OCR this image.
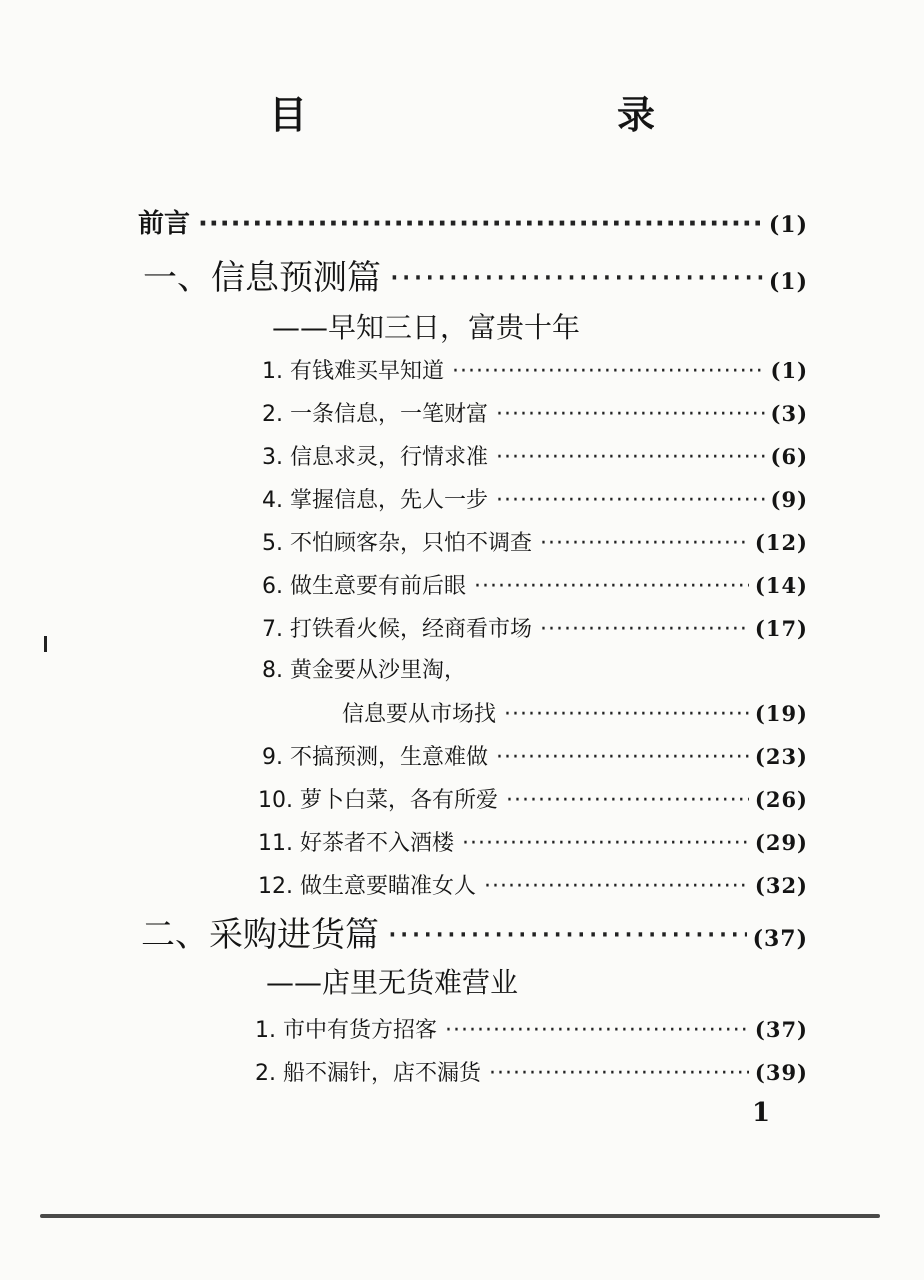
目　　录
前言 ·····	(1)
一、信息预测篇 ·····	(1)
——早知三日，富贵十年
1. 有钱难买早知道 ·····	(1)
2. 一条信息，一笔财富 ·····	(3)
3. 信息求灵，行情求准 ·····	(6)
4. 掌握信息，先人一步 ·····	(9)
5. 不怕顾客杂，只怕不调查 ·····	(12)
6. 做生意要有前后眼 ·····	(14)
7. 打铁看火候，经商看市场 ·····	(17)
8. 黄金要从沙里淘，
信息要从市场找 ·····	(19)
9. 不搞预测，生意难做 ·····	(23)
10. 萝卜白菜，各有所爱 ·····	(26)
11. 好茶者不入酒楼 ·····	(29)
12. 做生意要瞄准女人 ·····	(32)
二、采购进货篇 ·····	(37)
——店里无货难营业
1. 市中有货方招客 ·····	(37)
2. 船不漏针，店不漏货 ·····	(39)
1
